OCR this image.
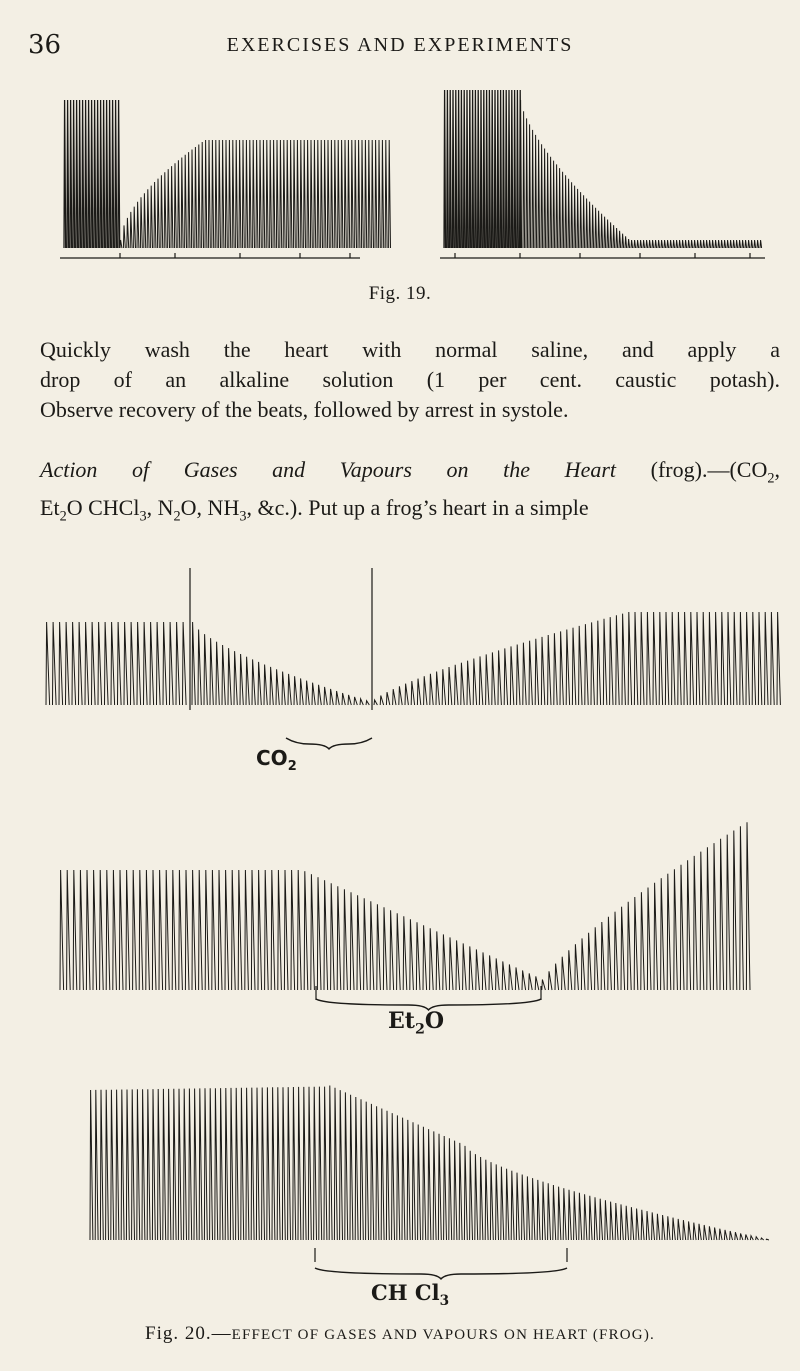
36	EXERCISES AND EXPERIMENTS
Fig. 19.

Quickly wash the heart with normal saline, and apply a

drop of an alkaline solution (1 per cent. caustic potash).

Observe recovery of the beats, followed by arrest in systole.

Action of Gases and Vapours on the Heart $(frog).—(CO_2$,

$Et_2O$ CHCl$_3$, $N_2O$, $NH_3$, &c.). Put up a frog’s heart in a simple

$CO_2$
$Et_2O$
CH $Cl_3$
Fig. 20.—EFFECT OF GASES AND VAPOURS ON HEART (FROG).
